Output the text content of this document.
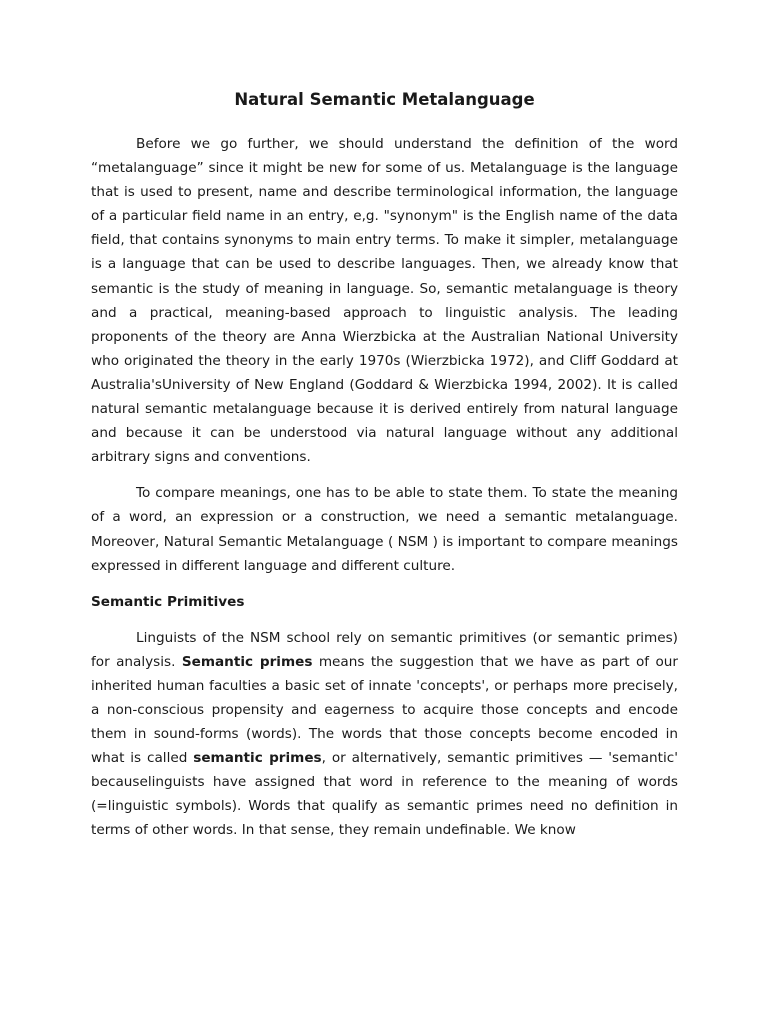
Natural Semantic Metalanguage

Before we go further, we should understand the definition of the word “metalanguage” since it might be new for some of us. Metalanguage is the language that is used to present, name and describe terminological information, the language of a particular field name in an entry, e,g. "synonym" is the English name of the data field, that contains synonyms to main entry terms. To make it simpler, metalanguage is a language that can be used to describe languages. Then, we already know that semantic is the study of meaning in language. So, semantic metalanguage is theory and a practical, meaning-based approach to linguistic analysis. The leading proponents of the theory are Anna Wierzbicka at the Australian National University who originated the theory in the early 1970s (Wierzbicka 1972), and Cliff Goddard at Australia'sUniversity of New England (Goddard & Wierzbicka 1994, 2002). It is called natural semantic metalanguage because it is derived entirely from natural language and because it can be understood via natural language without any additional arbitrary signs and conventions.

To compare meanings, one has to be able to state them. To state the meaning of a word, an expression or a construction, we need a semantic metalanguage. Moreover, Natural Semantic Metalanguage ( NSM ) is important to compare meanings expressed in different language and different culture.

Semantic Primitives

Linguists of the NSM school rely on semantic primitives (or semantic primes) for analysis. Semantic primes means the suggestion that we have as part of our inherited human faculties a basic set of innate 'concepts', or perhaps more precisely, a non-conscious propensity and eagerness to acquire those concepts and encode them in sound-forms (words). The words that those concepts become encoded in what is called semantic primes, or alternatively, semantic primitives — 'semantic' becauselinguists have assigned that word in reference to the meaning of words (=linguistic symbols). Words that qualify as semantic primes need no definition in terms of other words. In that sense, they remain undefinable. We know
